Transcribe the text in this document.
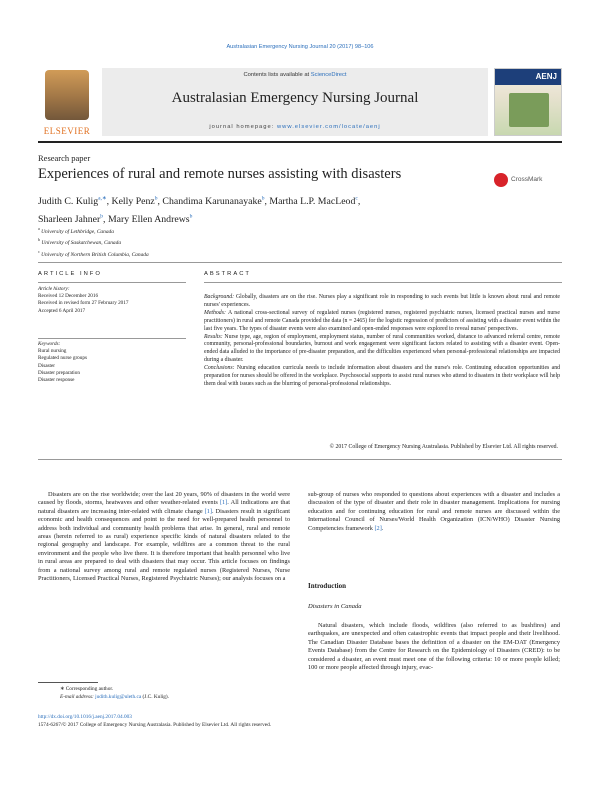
Australasian Emergency Nursing Journal 20 (2017) 98–106
ELSEVIER
Contents lists available at ScienceDirect
Australasian Emergency Nursing Journal
journal homepage: www.elsevier.com/locate/aenj
AENJ
Research paper
Experiences of rural and remote nurses assisting with disasters	CrossMark
Judith C. Kulig$^{a,∗}$, Kelly Penz$^b$, Chandima Karunanayake$^b$, Martha L.P. MacLeod$^c$,
Sharleen Jahner$^b$, Mary Ellen Andrews$^b$
$^a$ University of Lethbridge, Canada
$^b$ University of Saskatchewan, Canada
$^c$ University of Northern British Columbia, Canada
ARTICLE INFO
Article history:
Received 12 December 2016
Received in revised form 27 February 2017
Accepted 6 April 2017
Keywords:
Rural nursing
Regulated nurse groups
Disaster
Disaster preparation
Disaster response
ABSTRACT

Background: Globally, disasters are on the rise. Nurses play a significant role in responding to such events but little is known about rural and remote nurses' experiences.

Methods: A national cross-sectional survey of regulated nurses (registered nurses, registered psychiatric nurses, licensed practical nurses and nurse practitioners) in rural and remote Canada provided the data (n = 2465) for the logistic regression of predictors of assisting with a disaster event within the last five years. The types of disaster events were also examined and open-ended responses were explored to reveal nurses' perspectives.

Results: Nurse type, age, region of employment, employment status, number of rural communities worked, distance to advanced referral centre, remote community, personal-professional boundaries, burnout and work engagement were significant factors related to assisting with a disaster event. Open-ended data alluded to the importance of pre-disaster preparation, and the difficulties experienced when personal-professional relationships are impacted during a disaster.

Conclusions: Nursing education curricula needs to include information about disasters and the nurse's role. Continuing education opportunities and preparation for nurses should be offered in the workplace. Psychosocial supports to assist rural nurses who attend to disasters in their workplace will help them deal with issues such as the blurring of personal-professional relationships.

© 2017 College of Emergency Nursing Australasia. Published by Elsevier Ltd. All rights reserved.
Disasters are on the rise worldwide; over the last 20 years, 90% of disasters in the world were caused by floods, storms, heatwaves and other weather-related events [1]. All indications are that natural disasters are increasing inter-related with climate change [1]. Disasters result in significant economic and health consequences and point to the need for well-prepared health personnel to address both individual and community health problems that arise. In general, rural and remote areas (herein referred to as rural) experience specific kinds of natural disasters related to the regional geography and landscape. For example, wildfires are a common threat to the rural environment and the people who live there. It is therefore important that health personnel who live in rural areas are prepared to deal with disasters that may occur. This article focuses on findings from a national survey among rural and remote regulated nurses (Registered Nurses, Nurse Practitioners, Licensed Practical Nurses, Registered Psychiatric Nurses); our analysis focuses on a
sub-group of nurses who responded to questions about experiences with a disaster and includes a discussion of the type of disaster and their role in disaster management. Implications for nursing education and for continuing education for rural and remote nurses are discussed within the International Council of Nurses/World Health Organization (ICN/WHO) Disaster Nursing Competencies framework [2].
Introduction
Disasters in Canada
Natural disasters, which include floods, wildfires (also referred to as bushfires) and earthquakes, are unexpected and often catastrophic events that impact people and their livelihood. The Canadian Disaster Database bases the definition of a disaster on the EM-DAT (Emergency Events Database) from the Centre for Research on the Epidemiology of Disasters (CRED): to be considered a disaster, an event must meet one of the following criteria: 10 or more people killed; 100 or more people affected through injury, evac-
∗ Corresponding author.
E-mail address: judith.kulig@uleth.ca (J.C. Kulig).
http://dx.doi.org/10.1016/j.aenj.2017.04.003
1574-6267/© 2017 College of Emergency Nursing Australasia. Published by Elsevier Ltd. All rights reserved.
